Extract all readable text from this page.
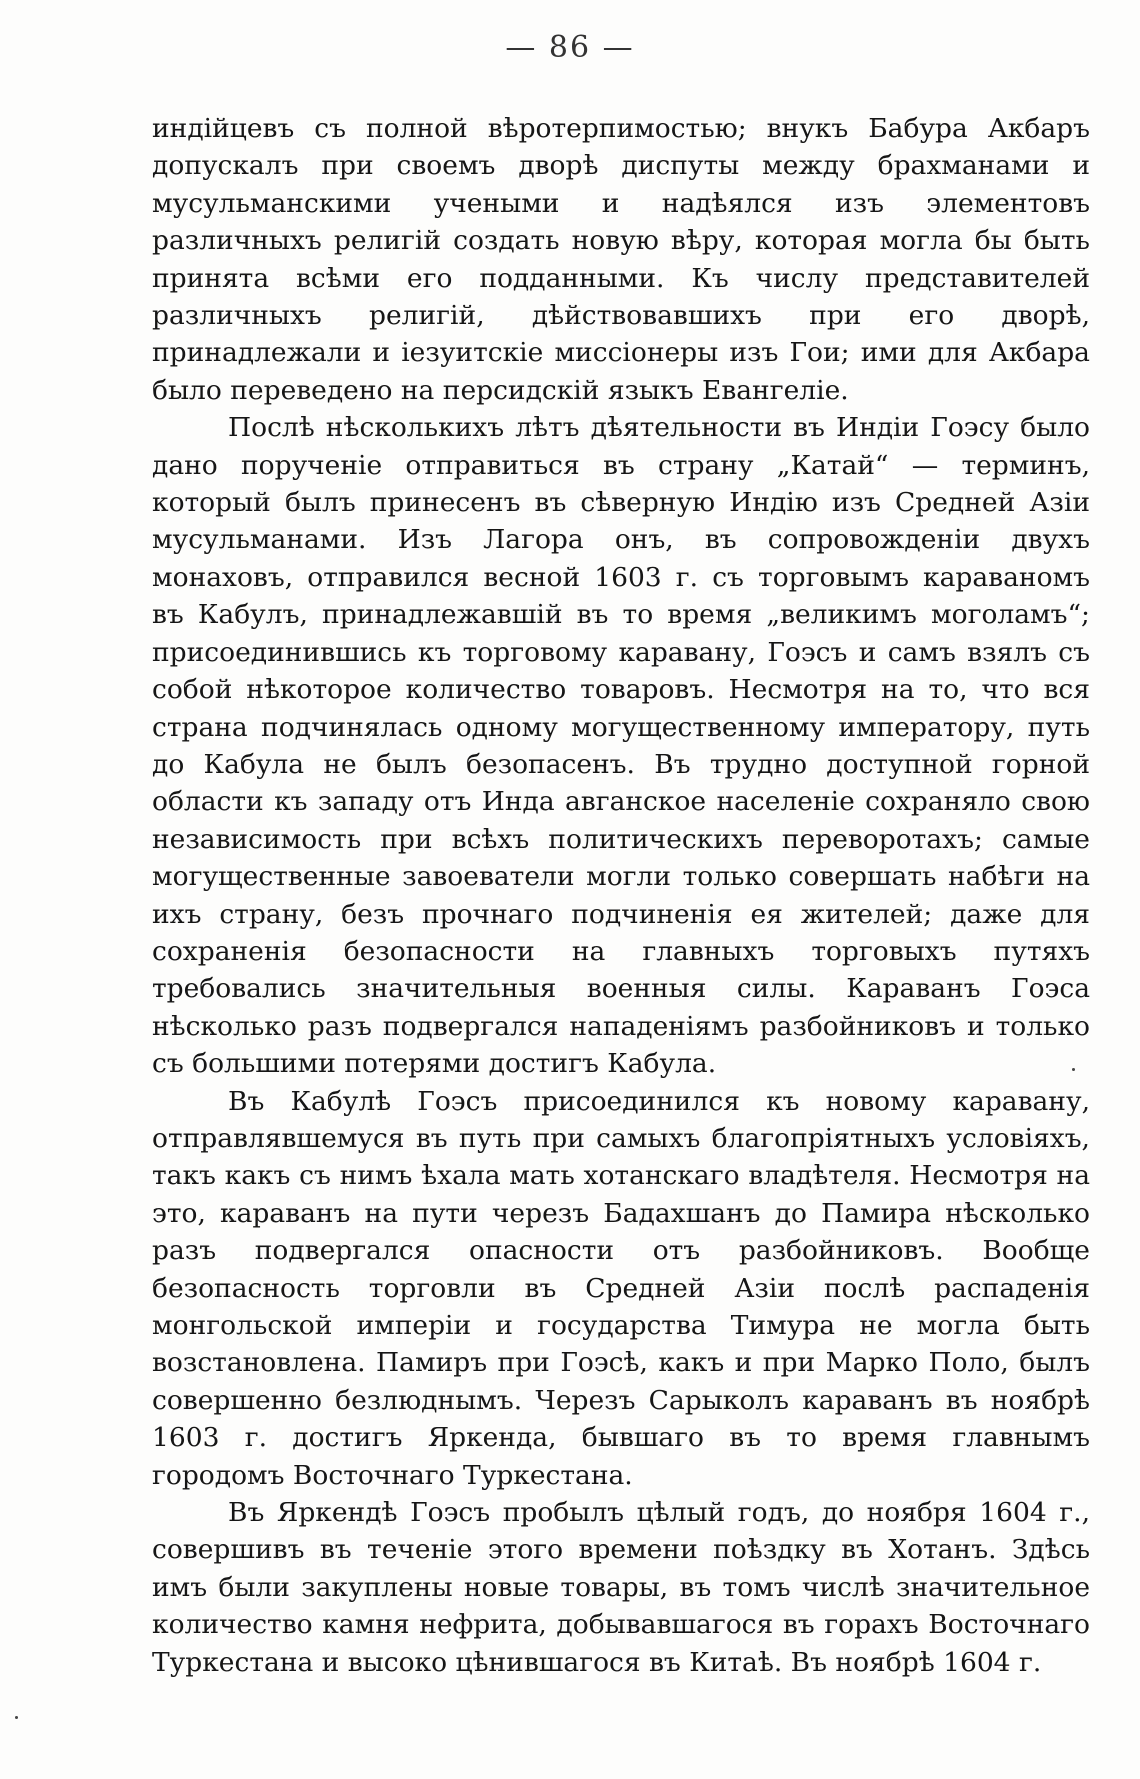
— 86 —

индійцевъ съ полной вѣротерпимостью; внукъ Бабура Акбаръ допускалъ при своемъ дворѣ диспуты между брахманами и мусульманскими учеными и надѣялся изъ элементовъ различныхъ религій создать новую вѣру, которая могла бы быть принята всѣми его подданными. Къ числу представителей различныхъ религій, дѣйствовавшихъ при его дворѣ, принадлежали и іезуитскіе миссіонеры изъ Гои; ими для Акбара было переведено на персидскій языкъ Евангеліе.

Послѣ нѣсколькихъ лѣтъ дѣятельности въ Индіи Гоэсу было дано порученіе отправиться въ страну „Катай“ — терминъ, который былъ принесенъ въ сѣверную Индію изъ Средней Азіи мусульманами. Изъ Лагора онъ, въ сопровожденіи двухъ монаховъ, отправился весной 1603 г. съ торговымъ караваномъ въ Кабулъ, принадлежавшій въ то время „великимъ моголамъ“; присоединившись къ торговому каравану, Гоэсъ и самъ взялъ съ собой нѣкоторое количество товаровъ. Несмотря на то, что вся страна подчинялась одному могущественному императору, путь до Кабула не былъ безопасенъ. Въ трудно доступной горной области къ западу отъ Инда авганское населеніе сохраняло свою независимость при всѣхъ политическихъ переворотахъ; самые могущественные завоеватели могли только совершать набѣги на ихъ страну, безъ прочнаго подчиненія ея жителей; даже для сохраненія безопасности на главныхъ торговыхъ путяхъ требовались значительныя военныя силы. Караванъ Гоэса нѣсколько разъ подвергался нападеніямъ разбойниковъ и только съ большими потерями достигъ Кабула.

Въ Кабулѣ Гоэсъ присоединился къ новому каравану, отправлявшемуся въ путь при самыхъ благопріятныхъ условіяхъ, такъ какъ съ нимъ ѣхала мать хотанскаго владѣтеля. Несмотря на это, караванъ на пути черезъ Бадахшанъ до Памира нѣсколько разъ подвергался опасности отъ разбойниковъ. Вообще безопасность торговли въ Средней Азіи послѣ распаденія монгольской имперіи и государства Тимура не могла быть возстановлена. Памиръ при Гоэсѣ, какъ и при Марко Поло, былъ совершенно безлюднымъ. Черезъ Сарыколъ караванъ въ ноябрѣ 1603 г. достигъ Яркенда, бывшаго въ то время главнымъ городомъ Восточнаго Туркестана.

Въ Яркендѣ Гоэсъ пробылъ цѣлый годъ, до ноября 1604 г., совершивъ въ теченіе этого времени поѣздку въ Хотанъ. Здѣсь имъ были закуплены новые товары, въ томъ числѣ значительное количество камня нефрита, добывавшагося въ горахъ Восточнаго Туркестана и высоко цѣнившагося въ Китаѣ. Въ ноябрѣ 1604 г.
